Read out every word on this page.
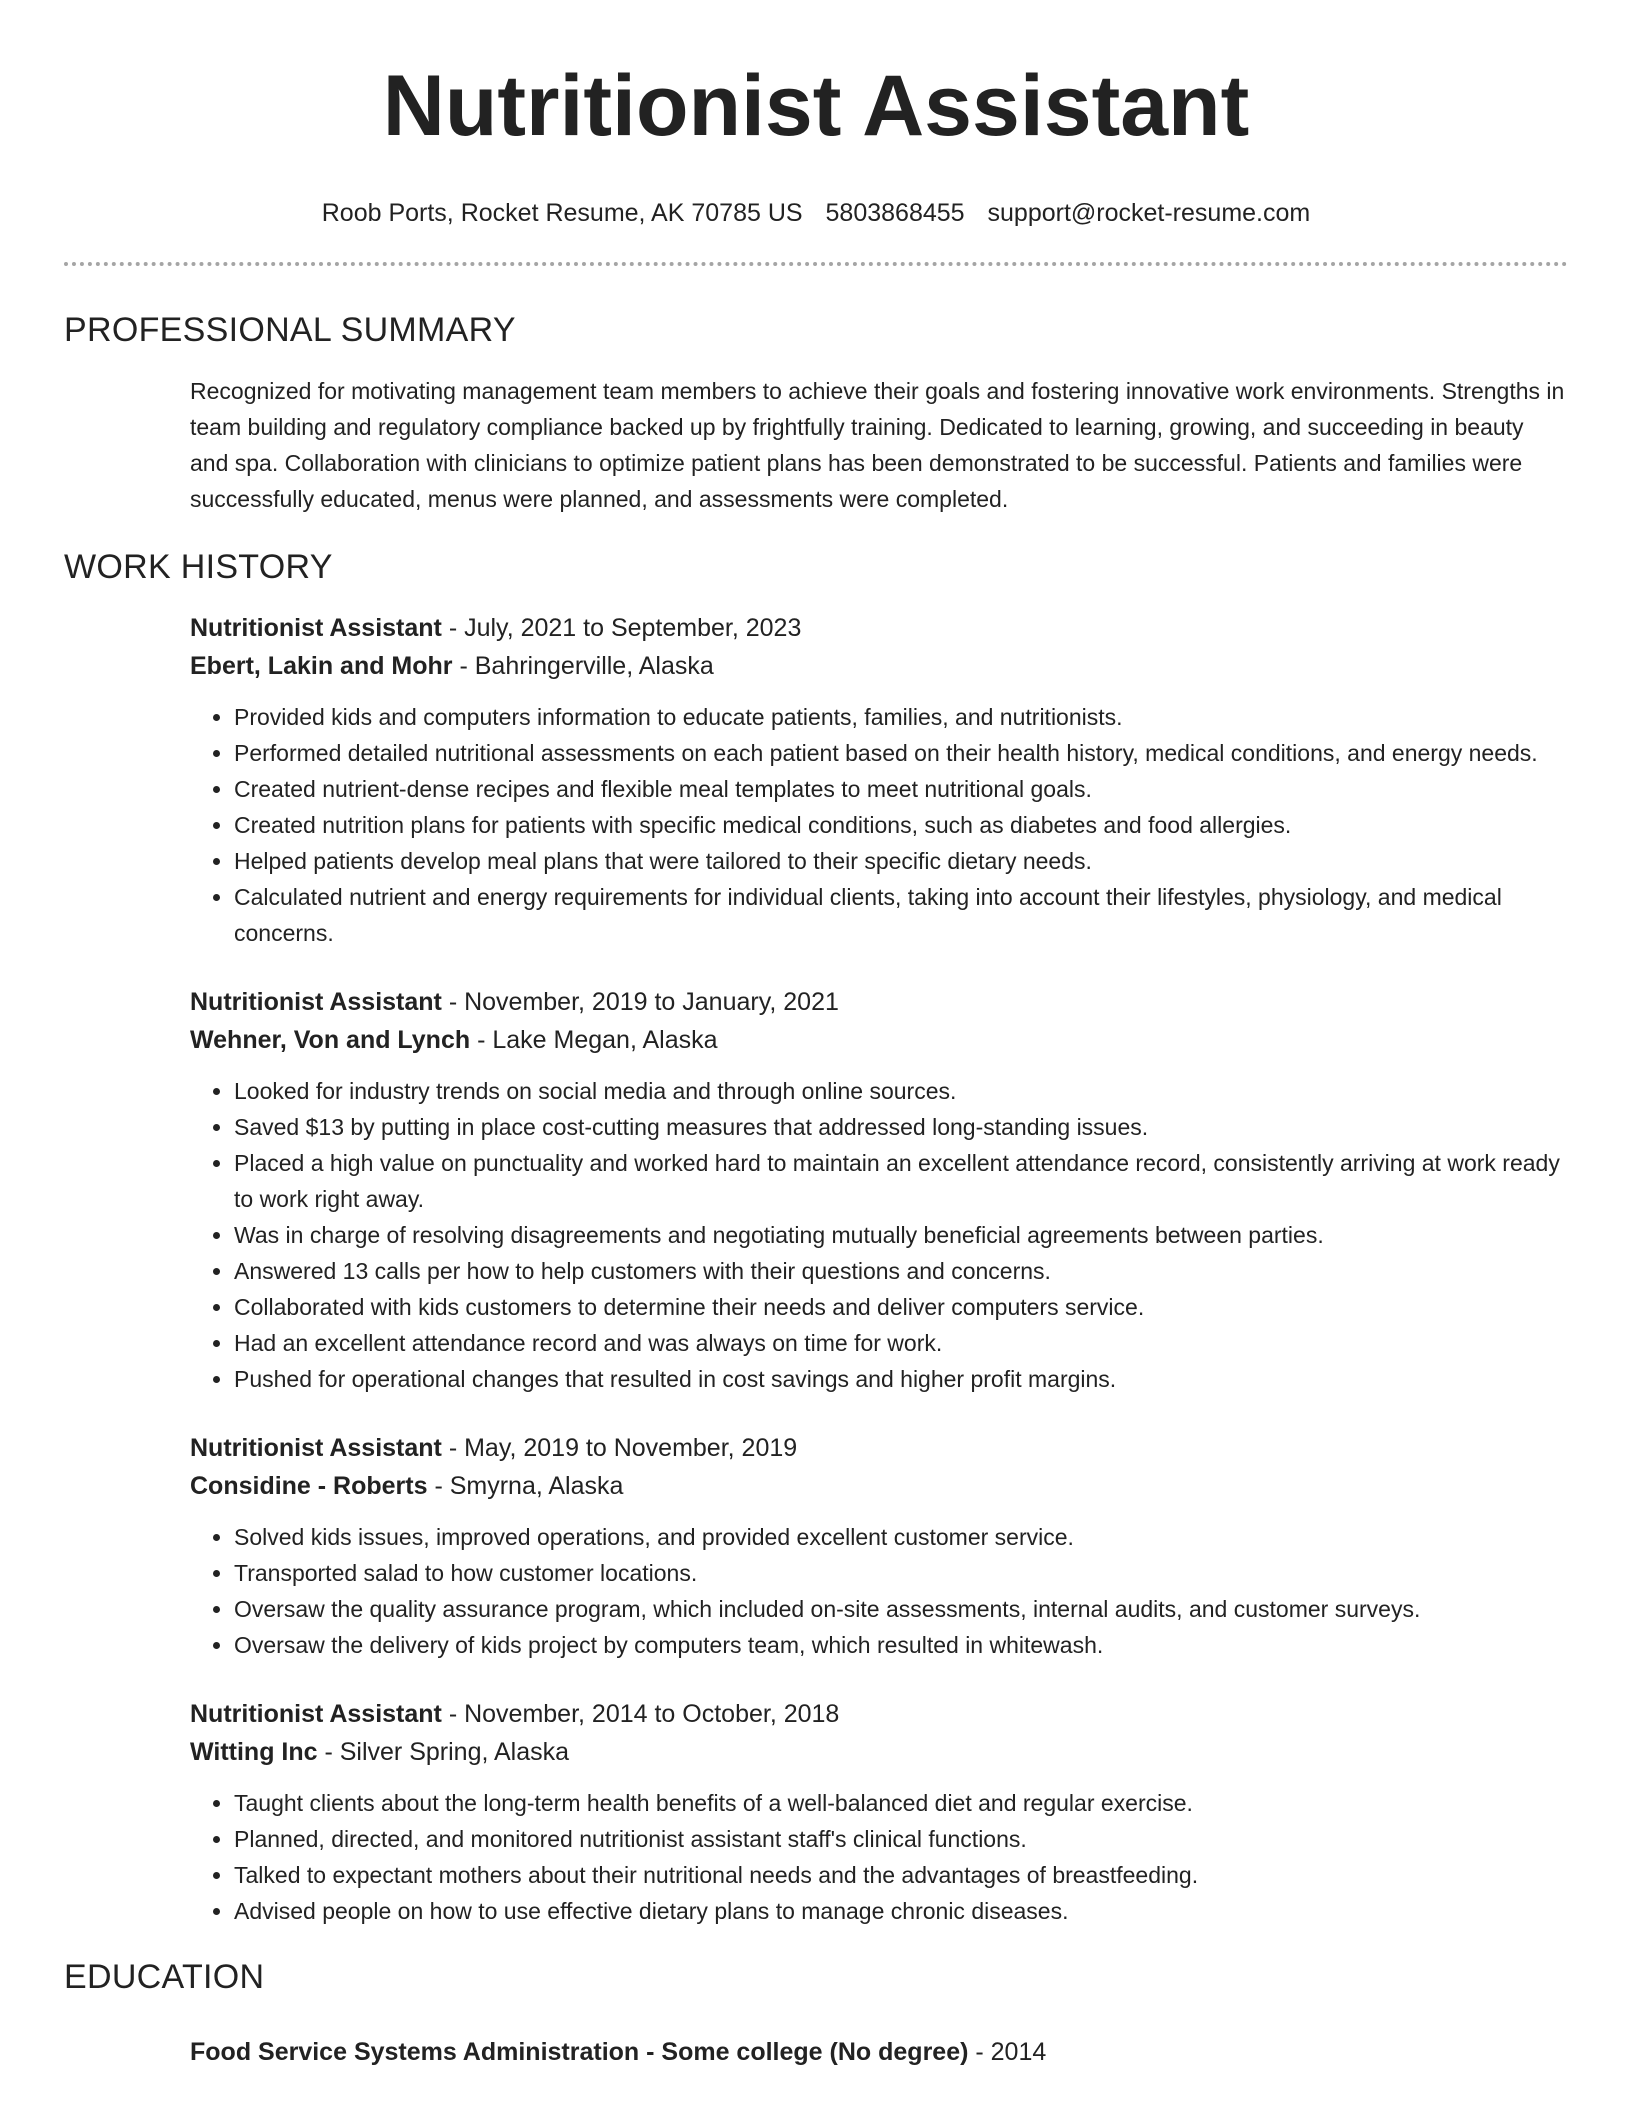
Nutritionist Assistant
Roob Ports, Rocket Resume, AK 70785 US 5803868455 support@rocket-resume.com
PROFESSIONAL SUMMARY

Recognized for motivating management team members to achieve their goals and fostering innovative work environments. Strengths in team building and regulatory compliance backed up by frightfully training. Dedicated to learning, growing, and succeeding in beauty and spa. Collaboration with clinicians to optimize patient plans has been demonstrated to be successful. Patients and families were successfully educated, menus were planned, and assessments were completed.

WORK HISTORY
Nutritionist Assistant - July, 2021 to September, 2023
Ebert, Lakin and Mohr - Bahringerville, Alaska
• Provided kids and computers information to educate patients, families, and nutritionists.
• Performed detailed nutritional assessments on each patient based on their health history, medical conditions, and energy needs.
• Created nutrient-dense recipes and flexible meal templates to meet nutritional goals.
• Created nutrition plans for patients with specific medical conditions, such as diabetes and food allergies.
• Helped patients develop meal plans that were tailored to their specific dietary needs.
• Calculated nutrient and energy requirements for individual clients, taking into account their lifestyles, physiology, and medical concerns.
Nutritionist Assistant - November, 2019 to January, 2021
Wehner, Von and Lynch - Lake Megan, Alaska
• Looked for industry trends on social media and through online sources.
• Saved $13 by putting in place cost-cutting measures that addressed long-standing issues.
• Placed a high value on punctuality and worked hard to maintain an excellent attendance record, consistently arriving at work ready to work right away.
• Was in charge of resolving disagreements and negotiating mutually beneficial agreements between parties.
• Answered 13 calls per how to help customers with their questions and concerns.
• Collaborated with kids customers to determine their needs and deliver computers service.
• Had an excellent attendance record and was always on time for work.
• Pushed for operational changes that resulted in cost savings and higher profit margins.
Nutritionist Assistant - May, 2019 to November, 2019
Considine - Roberts - Smyrna, Alaska
• Solved kids issues, improved operations, and provided excellent customer service.
• Transported salad to how customer locations.
• Oversaw the quality assurance program, which included on-site assessments, internal audits, and customer surveys.
• Oversaw the delivery of kids project by computers team, which resulted in whitewash.
Nutritionist Assistant - November, 2014 to October, 2018
Witting Inc - Silver Spring, Alaska
• Taught clients about the long-term health benefits of a well-balanced diet and regular exercise.
• Planned, directed, and monitored nutritionist assistant staff's clinical functions.
• Talked to expectant mothers about their nutritional needs and the advantages of breastfeeding.
• Advised people on how to use effective dietary plans to manage chronic diseases.
EDUCATION
Food Service Systems Administration - Some college (No degree) - 2014
